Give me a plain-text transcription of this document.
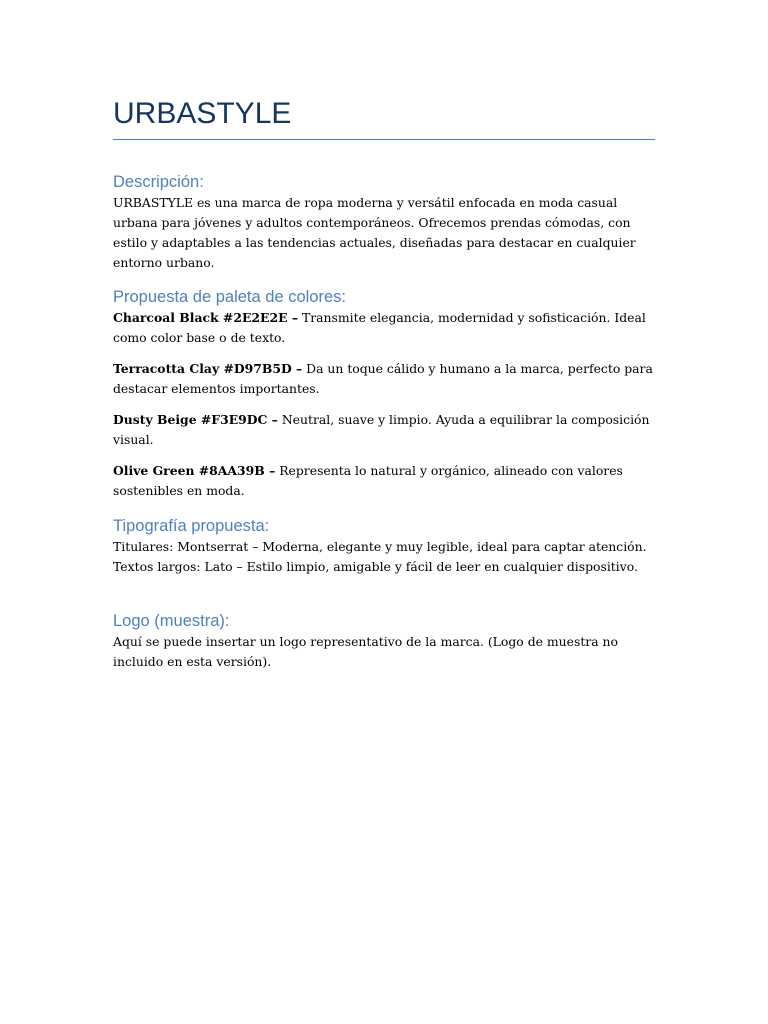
URBASTYLE
Descripción:

URBASTYLE es una marca de ropa moderna y versátil enfocada en moda casual urbana para jóvenes y adultos contemporáneos. Ofrecemos prendas cómodas, con estilo y adaptables a las tendencias actuales, diseñadas para destacar en cualquier entorno urbano.

Propuesta de paleta de colores:

Charcoal Black #2E2E2E – Transmite elegancia, modernidad y sofisticación. Ideal como color base o de texto.

Terracotta Clay #D97B5D – Da un toque cálido y humano a la marca, perfecto para destacar elementos importantes.

Dusty Beige #F3E9DC – Neutral, suave y limpio. Ayuda a equilibrar la composición visual.

Olive Green #8AA39B – Representa lo natural y orgánico, alineado con valores sostenibles en moda.

Tipografía propuesta:

Titulares: Montserrat – Moderna, elegante y muy legible, ideal para captar atención.
Textos largos: Lato – Estilo limpio, amigable y fácil de leer en cualquier dispositivo.

Logo (muestra):

Aquí se puede insertar un logo representativo de la marca. (Logo de muestra no incluido en esta versión).
